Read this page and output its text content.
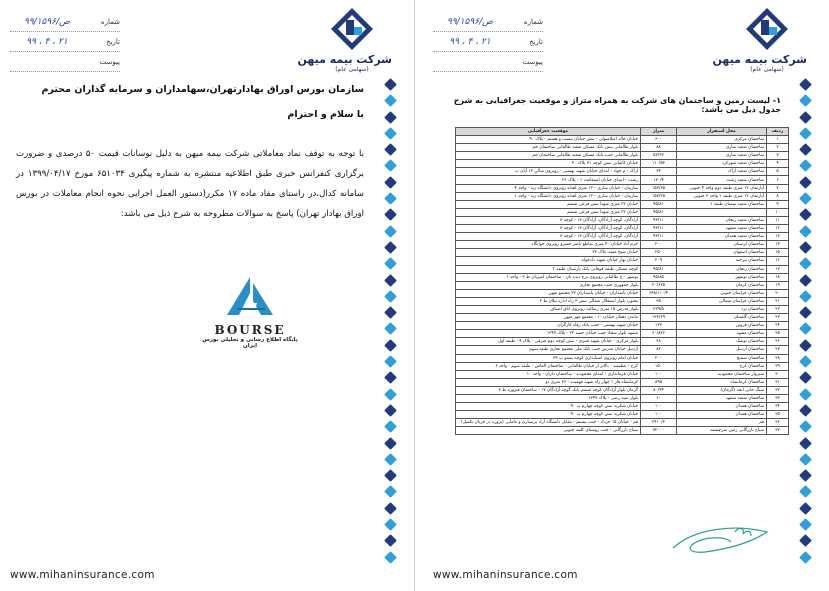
شماره
۹۹/ص/۱۵۹۶
تاریخ
۹۹ ، ۴ ، ۲۱
پیوست	شرکت بیمه میهن
(سهامی عام)
سازمان بورس اوراق بهادارتهران،سهامداران و سرمایه گذاران محترم
با سلام و احترام
با توجه به توقف نماد معاملاتی شرکت بیمه میهن به دلیل نوسانات قیمت ۵۰ درصدی و ضرورت برگزاری کنفرانس خبری طبق اطلاعیه منتشره به شماره پیگیری ۶۵۱۰۳۴ مورخ ۱۳۹۹/۰۴/۱۷ در سامانه کدال،در راستای مفاد ماده ۱۷ مکرر(دستور العمل اجرایی نحوه انجام معاملات در بورس اوراق بهادار تهران) پاسخ به سوالات مطروحه به شرح ذیل می باشد:
BOURSE
پایگاه اطلاع رسانی و تحلیلی بورس ایران
www.mihaninsurance.com
شماره
۹۹/ص/۱۵۹۶
تاریخ
۹۹ ، ۴ ، ۲۱
پیوست	شرکت بیمه میهن
(سهامی عام)
۱- لیست زمین و ساختمان های شرکت به همراه متراژ و موقعیت جغرافیایی به شرح جدول ذیل می باشد:
ردیف	محل استقرار	متراژ	موقعیت جغرافیایی
۱	ساختمان مرکزی	۶۰۰	خیابان خالد اسلامبولی - نبش خیابان بیست و هشتم - پلاک ۹۰
۲	ساختمان شعبه ساری	۸۸	بلوار طالقانی نبش بانک مسکن شعبه طالقانی ساختمان جم
۳	ساختمان شعبه ساری	۵۲/۳۳	بلوار طالقانی جنب بانک مسکن شعبه طالقانی ساختمان جم
۴	ساختمان شعبه شهرکرد	۱۱۰/۵۳	خیابان کاشانی نبش کوچه ۷۱ پلاک ۳۰
۵	ساختمان شعبه اراک	۳۴	اراک - م جهاد - ابتدای خیابان شهید بهشتی - روبروی سالن ۱۳ آبان ب
۶	ساختمان شعبه رشت	۱۷۰/۴	رشت - ابتدای خیابان استقامت ۱ - پلاک ۲۶
۷	آپارتمان ۱۲ متری طبقه دوم واحد ۴ جنوبی	۱۵۷/۶۵	سازمان - خیابان ساری - ۱۲ متری اهداء روبروی دانشگاه زند - واحد ۴
۸	آپارتمان ۱۲ متری طبقه ۱ واحد ۳ جنوبی	۱۵۷/۲۵	سازمان - خیابان ساری - ۱۲ متری اهداء روبروی دانشگاه زند - واحد ۱
۹	ساختمان شعبه سمنان طبقه ۱	۹۵/۸۱	خیابان ۲۲ متری شهدا نبش فرعی ششم
۱۰		۹۵/۸۱	خیابان ۲۲ متری شهدا نبش فرعی ششم
۱۱	ساختمان شعبه زنجان	۹۳/۱۱	آزادگان، کوچه آزادگان، آزادگان ۱۷ - کوچه ۳
۱۲	ساختمان شعبه مشهد	۹۳/۱۱	آزادگان، کوچه آزادگان، آزادگان ۱۷ - کوچه ۳
۱۳	ساختمان شعبه همدان	۹۳/۱۱	آزادگان، کوچه آزادگان، آزادگان ۱۷ - کوچه ۳
۱۴	ساختمان لرستان	۲۰۰	خرم آباد خیابان ۴۰ متری تقاطع ناصر خسرو روبروی خوابگاه
۱۵	ساختمان اصفهان	۲۵۰	خیابان شیخ مفید، پلاک ۲۳
۱۶	ساختمان بیرجند	۲۰۹	خیابان بهار خیابان شهید دادخواه
۱۷	ساختمان زنجان	۹۵/۸۱	کوچه مشکی طبقه فوقانی بانک پارسیان طبقه ۲
۱۸	ساختمان بوشهر	۹۵/۸۵	بوشهر - خ طالقانی روبروی برج دیده بان - ساختمان امیریان ط ۳ - واحد ۱
۱۹	ساختمان کرمان	۲۰/۶۲۵	بلوار جمهوری جنب مجتمع تجاری
۲۰	ساختمان خراسان جنوبی	۶۴۸/۱۱۰/۴	خیابان پاسداران - خیابان پاسداران ۲۷ مجتمع میهن
۲۱	ساختمان خراسان شمالی	۳۵	بجنورد بلوار استقلال شمالی نبش ۳ راه اداره بیلان ط ۲
۲۲	ساختمان یزد	۲۲۹/۵	بلوار مدرس ۱۵ متری رسالت روبروی اتاق اصناف
۲۳	ساختمان گلستان	۱۳۲/۶۹	ماندن دهقان خیابان ۱۰ - مجتمع مهر میهن
۲۴	ساختمان قزوین	۱۲۳	خیابان شهید بهشتی - جنب بانک رفاه کارگران
۲۵	ساختمان مشهد	۶۰/۸۷۶	مشهد بلوار سجاد جنب خیابان حمید ۲۲ - پلاک ۱۳۴۷
۲۶	ساختمان بوشک	۲۸	بلوار مرکزی - خیابان شهید قنبری - نبش کوچه دوم شرقی - پلاک ۹ - طبقه اول
۲۷	ساختمان اردبیل	۸۲	اردبیل خیابان مدرس جنب بانک ملی مجتمع تجاری طبقه سوم
۲۸	ساختمان سمنج	۲۰۰	خیابان امام روبروی استانداری کوچه پستو پ ۳۳
۲۹	ساختمان کرج	۱۵۰	کرج - عظیمیه - بالاتر از خیابان طالقانی - ساختمان الماس - طبقه سوم - واحد ۶
۳۰	سبزوار ساختمان محمودیه	۱۰۰	خیابان فرمانداری - ابتدای محمودیه - ساختمان داران - واحد ۱۰
۳۱	ساختمان کرمانشاه	۸۹۵	کرمانشاه فاز ۱ چهار راه شهید فهمیده - ۳۶ متری دو
۳۲	سنگ خانی انجد (گرمان)	۸۰/۴۴	گرمان بلوار آزادگان کوچه ششم بانک گوچه آزادگان ۱۷ - ساختمان فیروزه ط ۳
۳۳	ساختمان شعبه مشهد	۶۰	بلوار سید رضی - پلاک ۱۳۴۷
۳۴	ساختمان همدان	۱۰۰	خیابان شکریه نبش کوچه چهارم پ ۹۰
۳۵	ساختمان همدان	۱۰۰	خیابان شکریه نبش کوچه چهارم پ ۹۰
۳۶	قم	۲۴۱۰/۳	قم - خیابان ۱۵ خرداد - جنب بیستم - مقابل دانشگاه آزاد پرستاری و مامایی (پروژه در جریان تکمیل)
۳۷	سیاح بازرگانی زمین سرچشمه	۷۲۰۰۰	سیاح بازرگانی - جنب روستای کلمه جنوبی
www.mihaninsurance.com
